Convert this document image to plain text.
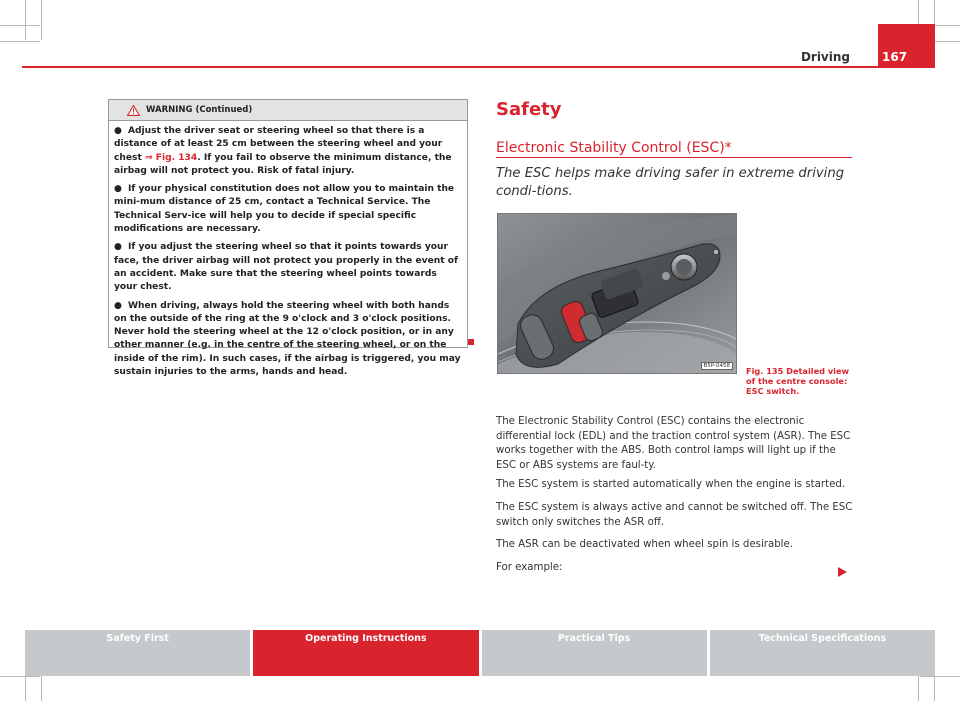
Driving	167
WARNING (Continued)

● Adjust the driver seat or steering wheel so that there is a distance of at least 25 cm between the steering wheel and your chest ⇒ Fig. 134. If you fail to observe the minimum distance, the airbag will not protect you. Risk of fatal injury.

● If your physical constitution does not allow you to maintain the mini-mum distance of 25 cm, contact a Technical Service. The Technical Serv-ice will help you to decide if special specific modifications are necessary.

● If you adjust the steering wheel so that it points towards your face, the driver airbag will not protect you properly in the event of an accident. Make sure that the steering wheel points towards your chest.

● When driving, always hold the steering wheel with both hands on the outside of the ring at the 9 o'clock and 3 o'clock positions. Never hold the steering wheel at the 12 o'clock position, or in any other manner (e.g. in the centre of the steering wheel, or on the inside of the rim). In such cases, if the airbag is triggered, you may sustain injuries to the arms, hands and head.

Safety
Electronic Stability Control (ESC)*
The ESC helps make driving safer in extreme driving condi-tions.
B5P-0458	Fig. 135 Detailed view of the centre console: ESC switch.

The Electronic Stability Control (ESC) contains the electronic differential lock (EDL) and the traction control system (ASR). The ESC works together with the ABS. Both control lamps will light up if the ESC or ABS systems are faul-ty.

The ESC system is started automatically when the engine is started.

The ESC system is always active and cannot be switched off. The ESC switch only switches the ASR off.

The ASR can be deactivated when wheel spin is desirable.

For example:

Safety First	Operating Instructions	Practical Tips	Technical Specifications
